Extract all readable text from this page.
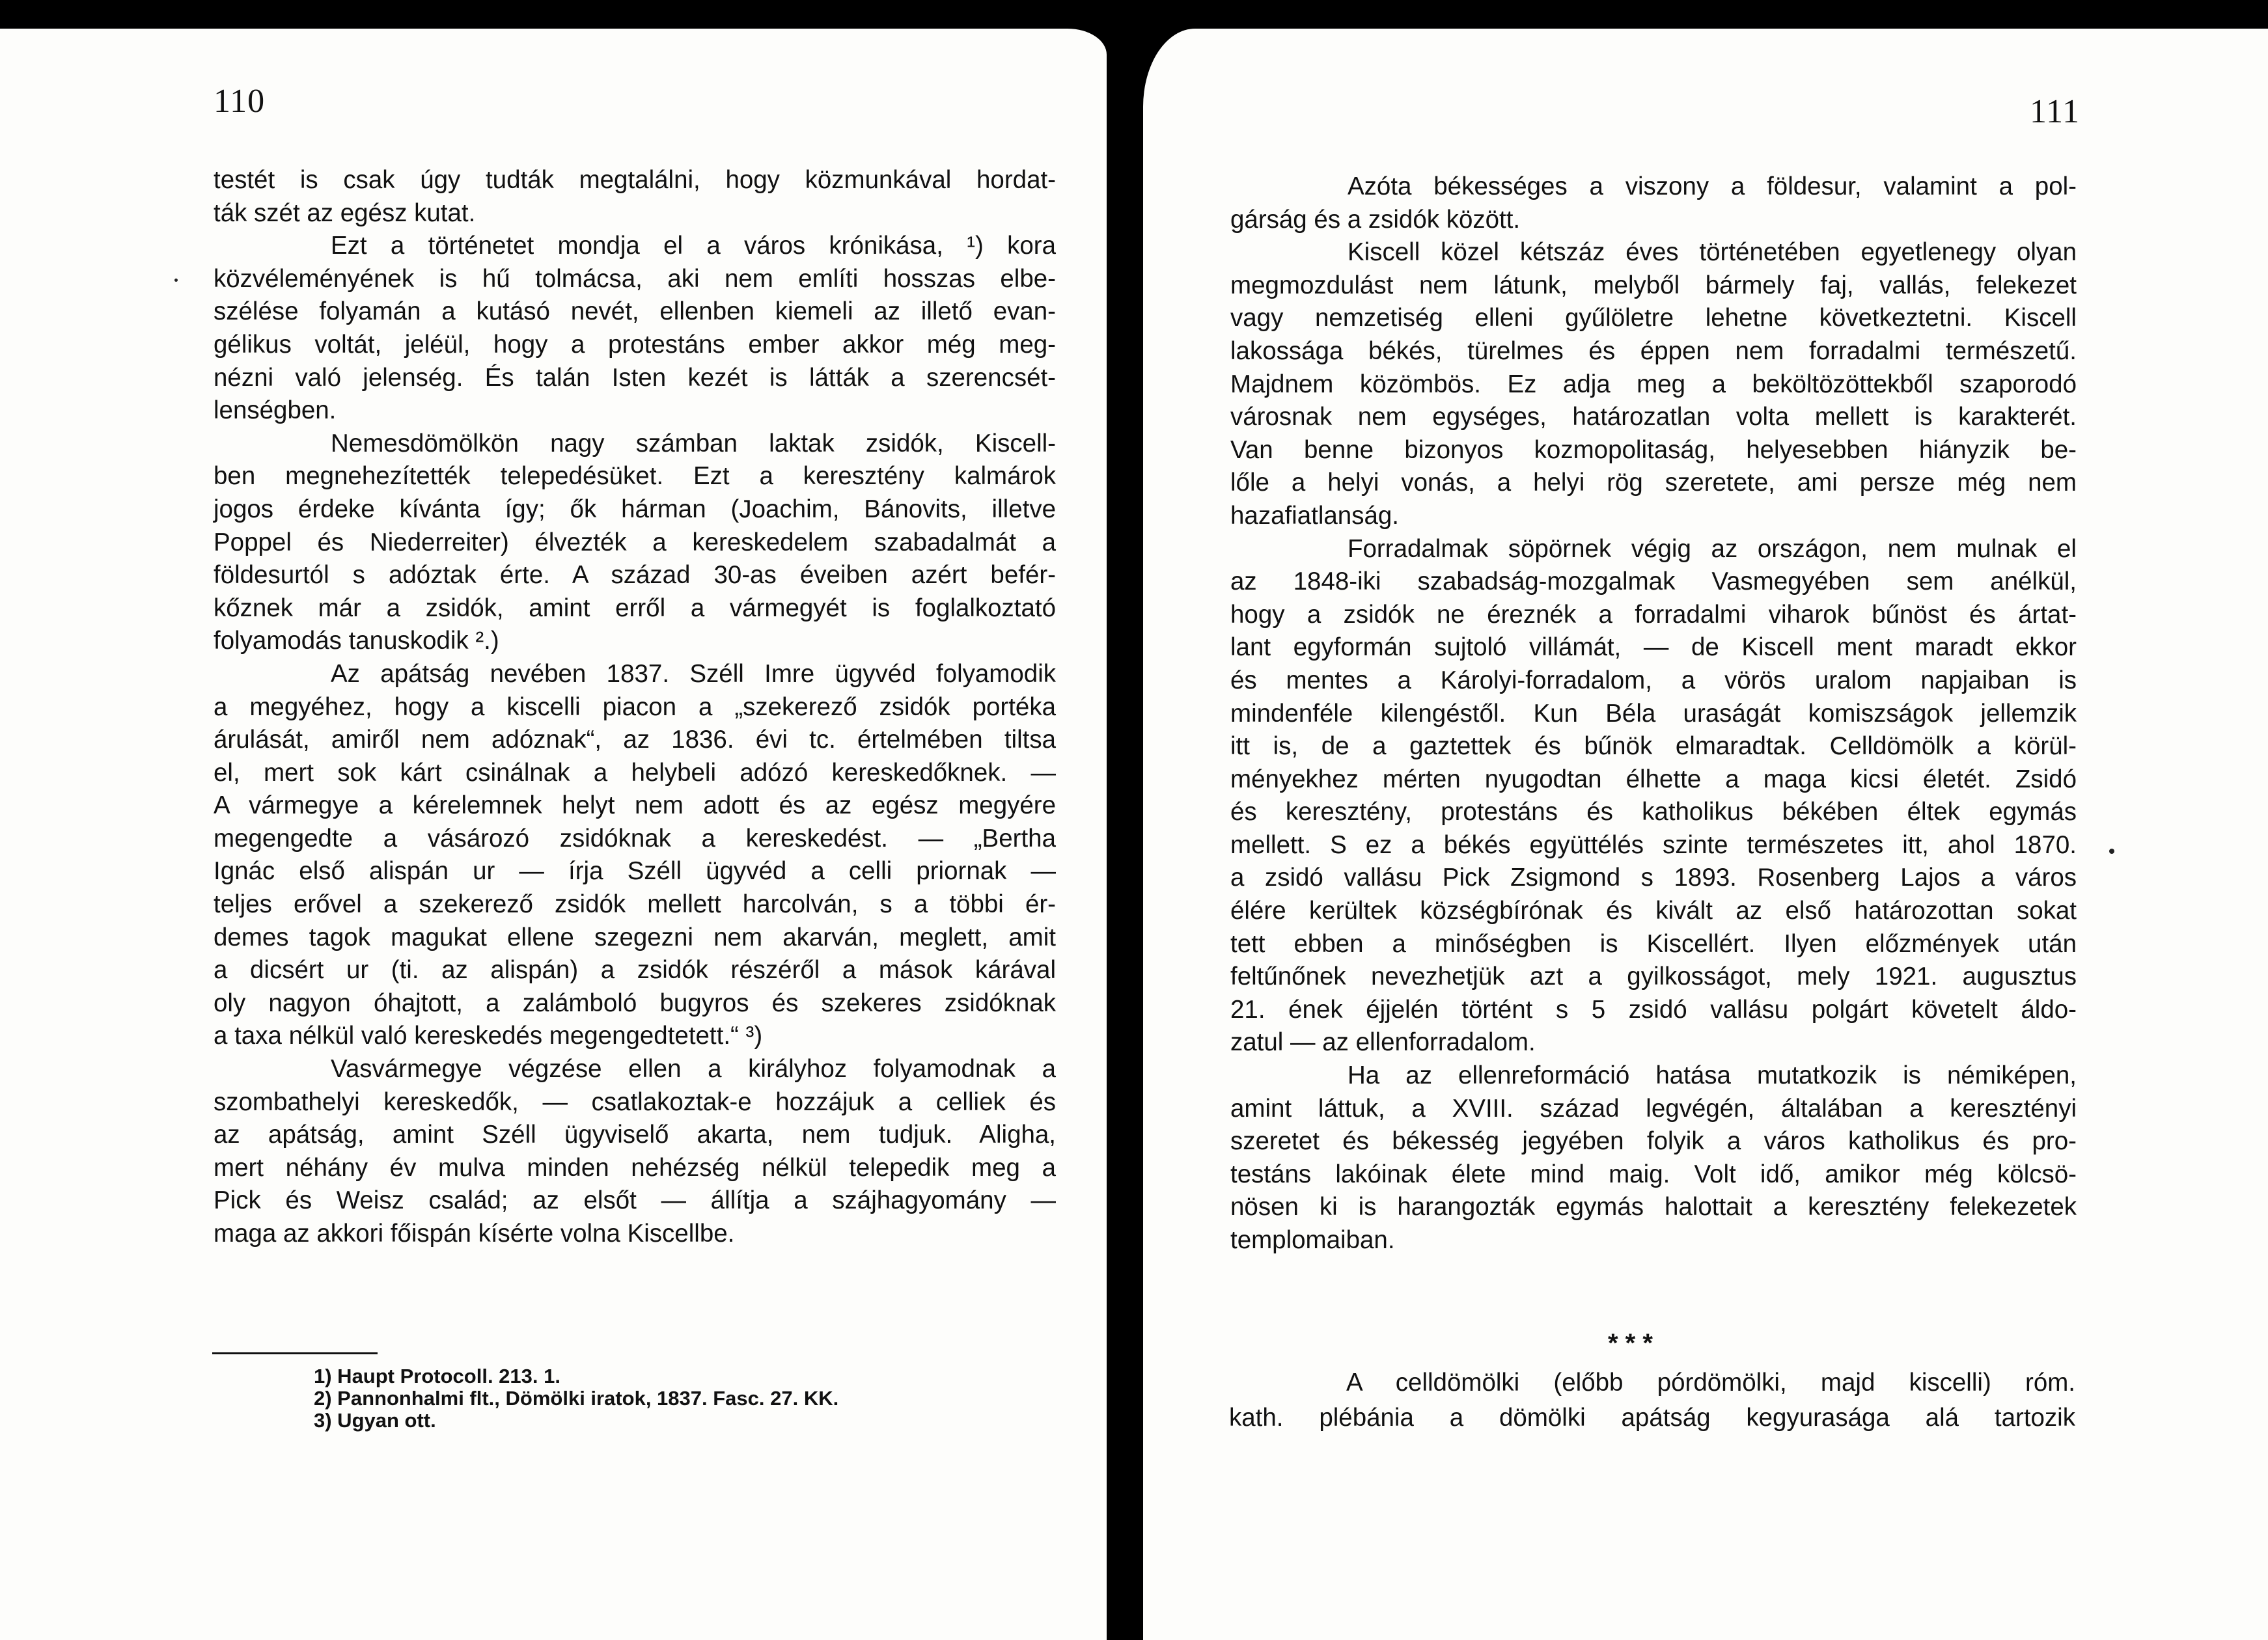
110	111
testét is csak úgy tudták megtalálni, hogy közmunkával hordat-
ták szét az egész kutat.
Ezt a történetet mondja el a város krónikása, ¹) kora
közvéleményének is hű tolmácsa, aki nem említi hosszas elbe-
szélése folyamán a kutásó nevét, ellenben kiemeli az illető evan-
gélikus voltát, jeléül, hogy a protestáns ember akkor még meg-
nézni való jelenség. És talán Isten kezét is látták a szerencsét-
lenségben.
Nemesdömölkön nagy számban laktak zsidók, Kiscell-
ben megnehezítették telepedésüket. Ezt a keresztény kalmárok
jogos érdeke kívánta így; ők hárman (Joachim, Bánovits, illetve
Poppel és Niederreiter) élvezték a kereskedelem szabadalmát a
földesurtól s adóztak érte. A század 30-as éveiben azért befér-
kőznek már a zsidók, amint erről a vármegyét is foglalkoztató
folyamodás tanuskodik ².)
Az apátság nevében 1837. Széll Imre ügyvéd folyamodik
a megyéhez, hogy a kiscelli piacon a „szekerező zsidók portéka
árulását, amiről nem adóznak“, az 1836. évi tc. értelmében tiltsa
el, mert sok kárt csinálnak a helybeli adózó kereskedőknek. —
A vármegye a kérelemnek helyt nem adott és az egész megyére
megengedte a vásározó zsidóknak a kereskedést. — „Bertha
Ignác első alispán ur — írja Széll ügyvéd a celli priornak —
teljes erővel a szekerező zsidók mellett harcolván, s a többi ér-
demes tagok magukat ellene szegezni nem akarván, meglett, amit
a dicsért ur (ti. az alispán) a zsidók részéről a mások kárával
oly nagyon óhajtott, a zalámboló bugyros és szekeres zsidóknak
a taxa nélkül való kereskedés megengedtetett.“ ³)
Vasvármegye végzése ellen a királyhoz folyamodnak a
szombathelyi kereskedők, — csatlakoztak-e hozzájuk a celliek és
az apátság, amint Széll ügyviselő akarta, nem tudjuk. Aligha,
mert néhány év mulva minden nehézség nélkül telepedik meg a
Pick és Weisz család; az elsőt — állítja a szájhagyomány —
maga az akkori főispán kísérte volna Kiscellbe.
1) Haupt Protocoll. 213. 1.
2) Pannonhalmi flt., Dömölki iratok, 1837. Fasc. 27. KK.
3) Ugyan ott.
Azóta békességes a viszony a földesur, valamint a pol-
gárság és a zsidók között.
Kiscell közel kétszáz éves történetében egyetlenegy olyan
megmozdulást nem látunk, melyből bármely faj, vallás, felekezet
vagy nemzetiség elleni gyűlöletre lehetne következtetni. Kiscell
lakossága békés, türelmes és éppen nem forradalmi természetű.
Majdnem közömbös. Ez adja meg a beköltözöttekből szaporodó
városnak nem egységes, határozatlan volta mellett is karakterét.
Van benne bizonyos kozmopolitaság, helyesebben hiányzik be-
lőle a helyi vonás, a helyi rög szeretete, ami persze még nem
hazafiatlanság.
Forradalmak söpörnek végig az országon, nem mulnak el
az 1848-iki szabadság-mozgalmak Vasmegyében sem anélkül,
hogy a zsidók ne éreznék a forradalmi viharok bűnöst és ártat-
lant egyformán sujtoló villámát, — de Kiscell ment maradt ekkor
és mentes a Károlyi-forradalom, a vörös uralom napjaiban is
mindenféle kilengéstől. Kun Béla uraságát komiszságok jellemzik
itt is, de a gaztettek és bűnök elmaradtak. Celldömölk a körül-
ményekhez mérten nyugodtan élhette a maga kicsi életét. Zsidó
és keresztény, protestáns és katholikus békében éltek egymás
mellett. S ez a békés együttélés szinte természetes itt, ahol 1870.
a zsidó vallásu Pick Zsigmond s 1893. Rosenberg Lajos a város
élére kerültek községbírónak és kivált az első határozottan sokat
tett ebben a minőségben is Kiscellért. Ilyen előzmények után
feltűnőnek nevezhetjük azt a gyilkosságot, mely 1921. augusztus
21. ének éjjelén történt s 5 zsidó vallásu polgárt követelt áldo-
zatul — az ellenforradalom.
Ha az ellenreformáció hatása mutatkozik is némiképen,
amint láttuk, a XVIII. század legvégén, általában a keresztényi
szeretet és békesség jegyében folyik a város katholikus és pro-
testáns lakóinak élete mind maig. Volt idő, amikor még kölcsö-
nösen ki is harangozták egymás halottait a keresztény felekezetek
templomaiban.
* * *
A celldömölki (előbb pórdömölki, majd kiscelli) róm.
kath. plébánia a dömölki apátság kegyurasága alá tartozik
